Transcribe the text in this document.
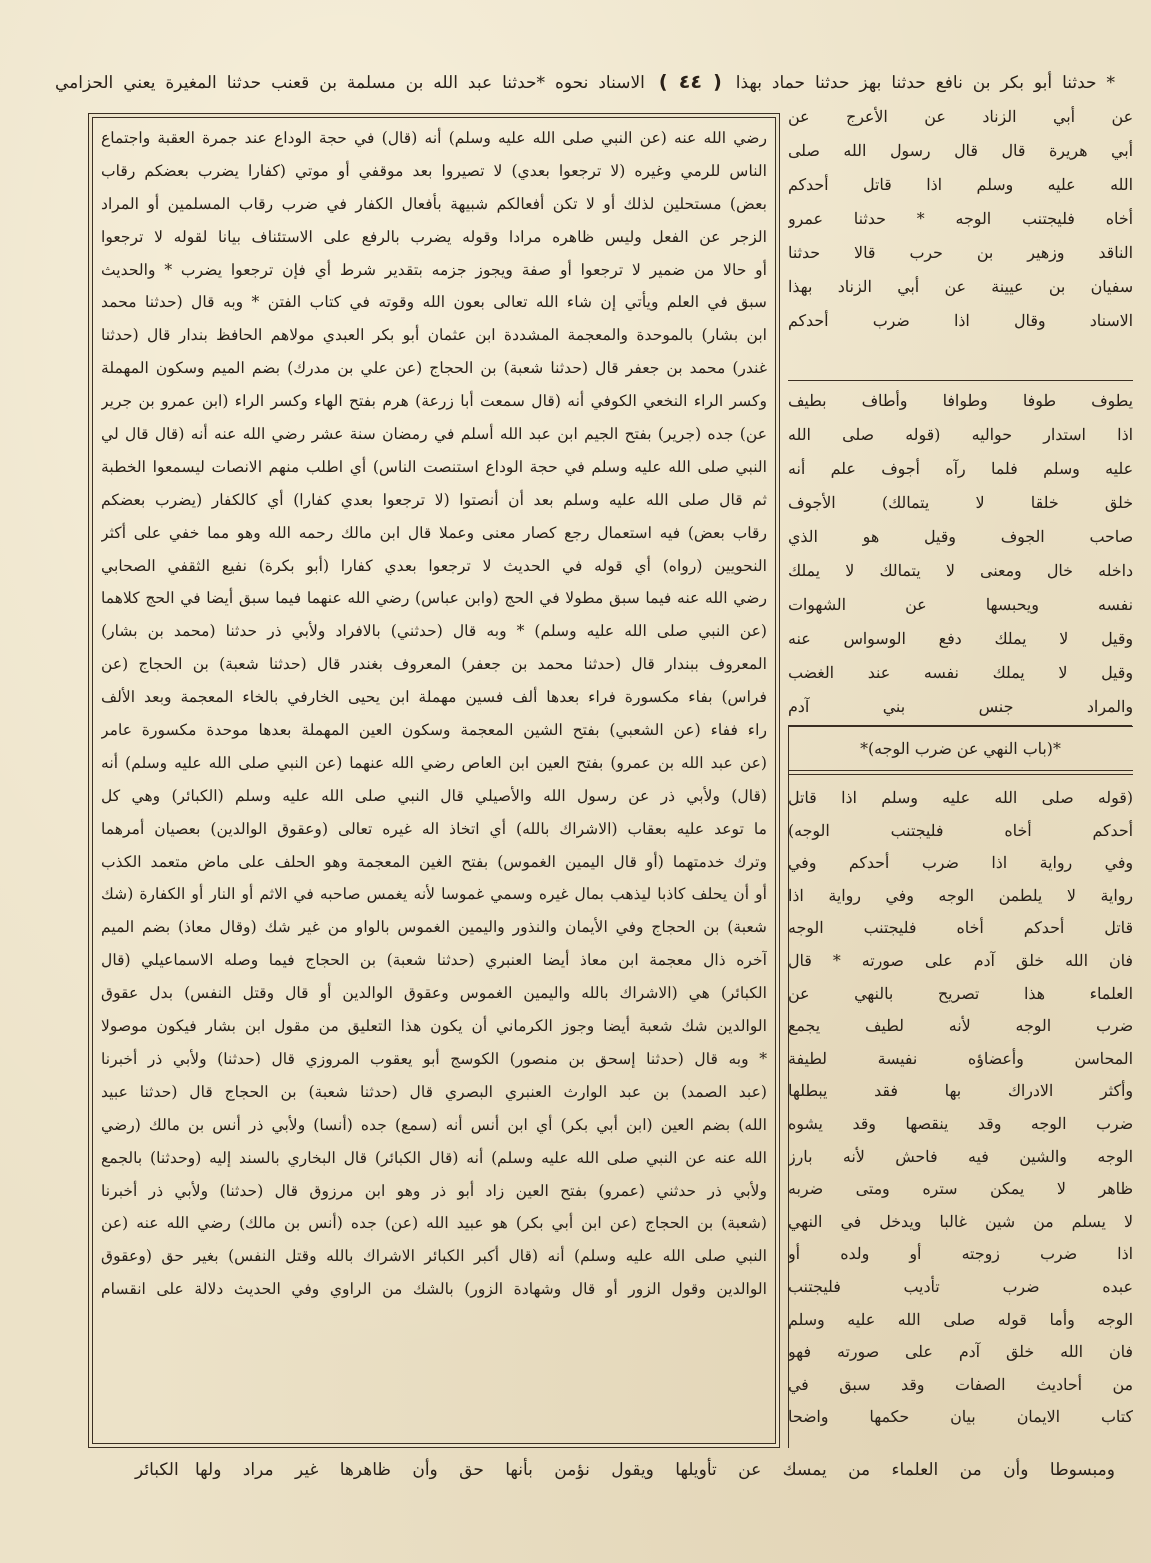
* حدثنا أبو بكر بن نافع حدثنا بهز حدثنا حماد بهذا ( ٤٤ ) الاسناد نحوه *حدثنا عبد الله بن مسلمة بن قعنب حدثنا المغيرة يعني الحزامي
رضي الله عنه (عن النبي صلى الله عليه وسلم) أنه (قال) في حجة الوداع عند جمرة العقبة واجتماع
الناس للرمي وغيره (لا ترجعوا بعدي) لا تصيروا بعد موقفي أو موتي (كفارا يضرب بعضكم رقاب
بعض) مستحلين لذلك أو لا تكن أفعالكم شبيهة بأفعال الكفار في ضرب رقاب المسلمين أو المراد
الزجر عن الفعل وليس ظاهره مرادا وقوله يضرب بالرفع على الاستئناف بيانا لقوله لا ترجعوا
أو حالا من ضمير لا ترجعوا أو صفة ويجوز جزمه بتقدير شرط أي فإن ترجعوا يضرب * والحديث
سبق في العلم ويأتي إن شاء الله تعالى بعون الله وقوته في كتاب الفتن * وبه قال (حدثنا محمد
ابن بشار) بالموحدة والمعجمة المشددة ابن عثمان أبو بكر العبدي مولاهم الحافظ بندار قال (حدثنا
غندر) محمد بن جعفر قال (حدثنا شعبة) بن الحجاج (عن علي بن مدرك) بضم الميم وسكون المهملة
وكسر الراء النخعي الكوفي أنه (قال سمعت أبا زرعة) هرم بفتح الهاء وكسر الراء (ابن عمرو بن جرير
عن) جده (جرير) بفتح الجيم ابن عبد الله أسلم في رمضان سنة عشر رضي الله عنه أنه (قال قال لي
النبي صلى الله عليه وسلم في حجة الوداع استنصت الناس) أي اطلب منهم الانصات ليسمعوا الخطبة
ثم قال صلى الله عليه وسلم بعد أن أنصتوا (لا ترجعوا بعدي كفارا) أي كالكفار (يضرب بعضكم
رقاب بعض) فيه استعمال رجع كصار معنى وعملا قال ابن مالك رحمه الله وهو مما خفي على أكثر
النحويين (رواه) أي قوله في الحديث لا ترجعوا بعدي كفارا (أبو بكرة) نفيع الثقفي الصحابي
رضي الله عنه فيما سبق مطولا في الحج (وابن عباس) رضي الله عنهما فيما سبق أيضا في الحج كلاهما
(عن النبي صلى الله عليه وسلم) * وبه قال (حدثني) بالافراد ولأبي ذر حدثنا (محمد بن بشار)
المعروف ببندار قال (حدثنا محمد بن جعفر) المعروف بغندر قال (حدثنا شعبة) بن الحجاج (عن
فراس) بفاء مكسورة فراء بعدها ألف فسين مهملة ابن يحيى الخارفي بالخاء المعجمة وبعد الألف
راء ففاء (عن الشعبي) بفتح الشين المعجمة وسكون العين المهملة بعدها موحدة مكسورة عامر
(عن عبد الله بن عمرو) بفتح العين ابن العاص رضي الله عنهما (عن النبي صلى الله عليه وسلم) أنه
(قال) ولأبي ذر عن رسول الله والأصيلي قال النبي صلى الله عليه وسلم (الكبائر) وهي كل
ما توعد عليه بعقاب (الاشراك بالله) أي اتخاذ اله غيره تعالى (وعقوق الوالدين) بعصيان أمرهما
وترك خدمتهما (أو قال اليمين الغموس) بفتح الغين المعجمة وهو الحلف على ماض متعمد الكذب
أو أن يحلف كاذبا ليذهب بمال غيره وسمي غموسا لأنه يغمس صاحبه في الاثم أو النار أو الكفارة (شك
شعبة) بن الحجاج وفي الأيمان والنذور واليمين الغموس بالواو من غير شك (وقال معاذ) بضم الميم
آخره ذال معجمة ابن معاذ أيضا العنبري (حدثنا شعبة) بن الحجاج فيما وصله الاسماعيلي (قال
الكبائر) هي (الاشراك بالله واليمين الغموس وعقوق الوالدين أو قال وقتل النفس) بدل عقوق
الوالدين شك شعبة أيضا وجوز الكرماني أن يكون هذا التعليق من مقول ابن بشار فيكون موصولا
* وبه قال (حدثنا إسحق بن منصور) الكوسج أبو يعقوب المروزي قال (حدثنا) ولأبي ذر أخبرنا
(عبد الصمد) بن عبد الوارث العنبري البصري قال (حدثنا شعبة) بن الحجاج قال (حدثنا عبيد
الله) بضم العين (ابن أبي بكر) أي ابن أنس أنه (سمع) جده (أنسا) ولأبي ذر أنس بن مالك (رضي
الله عنه عن النبي صلى الله عليه وسلم) أنه (قال الكبائر) قال البخاري بالسند إليه (وحدثنا) بالجمع
ولأبي ذر حدثني (عمرو) بفتح العين زاد أبو ذر وهو ابن مرزوق قال (حدثنا) ولأبي ذر أخبرنا
(شعبة) بن الحجاج (عن ابن أبي بكر) هو عبيد الله (عن) جده (أنس بن مالك) رضي الله عنه (عن
النبي صلى الله عليه وسلم) أنه (قال أكبر الكبائر الاشراك بالله وقتل النفس) بغير حق (وعقوق
الوالدين وقول الزور أو قال وشهادة الزور) بالشك من الراوي وفي الحديث دلالة على انقسام
عن أبي الزناد عن الأعرج عن
أبي هريرة قال قال رسول الله صلى
الله عليه وسلم اذا قاتل أحدكم
أخاه فليجتنب الوجه * حدثنا عمرو
الناقد وزهير بن حرب قالا حدثنا
سفيان بن عيينة عن أبي الزناد بهذا
الاسناد وقال اذا ضرب أحدكم
يطوف طوفا وطوافا وأطاف بطيف
اذا استدار حواليه (قوله صلى الله
عليه وسلم فلما رآه أجوف علم أنه
خلق خلقا لا يتمالك) الأجوف
صاحب الجوف وقيل هو الذي
داخله خال ومعنى لا يتمالك لا يملك
نفسه ويحبسها عن الشهوات
وقيل لا يملك دفع الوسواس عنه
وقيل لا يملك نفسه عند الغضب
والمراد جنس بني آدم
*(باب النهي عن ضرب الوجه)*
(قوله صلى الله عليه وسلم اذا قاتل
أحدكم أخاه فليجتنب الوجه)
وفي رواية اذا ضرب أحدكم وفي
رواية لا يلطمن الوجه وفي رواية اذا
قاتل أحدكم أخاه فليجتنب الوجه
فان الله خلق آدم على صورته * قال
العلماء هذا تصريح بالنهي عن
ضرب الوجه لأنه لطيف يجمع
المحاسن وأعضاؤه نفيسة لطيفة
وأكثر الادراك بها فقد يبطلها
ضرب الوجه وقد ينقصها وقد يشوه
الوجه والشين فيه فاحش لأنه بارز
ظاهر لا يمكن ستره ومتى ضربه
لا يسلم من شين غالبا ويدخل في النهي
اذا ضرب زوجته أو ولده أو
عبده ضرب تأديب فليجتنب
الوجه وأما قوله صلى الله عليه وسلم
فان الله خلق آدم على صورته فهو
من أحاديث الصفات وقد سبق في
كتاب الايمان بيان حكمها واضحا
ومبسوطا وأن من العلماء من يمسك عن تأويلها ويقول نؤمن بأنها حق وأن ظاهرها غير مراد ولها
الكبائر
